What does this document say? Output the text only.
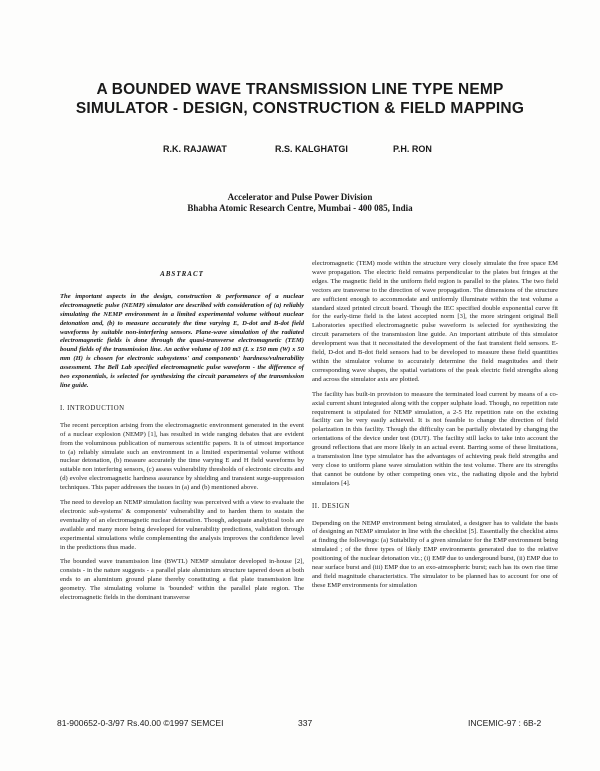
A BOUNDED WAVE TRANSMISSION LINE TYPE NEMP
SIMULATOR - DESIGN, CONSTRUCTION & FIELD MAPPING
R.K. RAJAWAT	R.S. KALGHATGI	P.H. RON
Accelerator and Pulse Power Division
Bhabha Atomic Research Centre, Mumbai - 400 085, India
ABSTRACT

The important aspects in the design, construction & performance of a nuclear electromagnetic pulse (NEMP) simulator are described with consideration of (a) reliably simulating the NEMP environment in a limited experimental volume without nuclear detonation and, (b) to measure accurately the time varying E, D-dot and B-dot field waveforms by suitable non-interfering sensors. Plane-wave simulation of the radiated electromagnetic fields is done through the quasi-transverse electromagnetic (TEM) bound fields of the transmission line. An active volume of 100 m3 (L x 150 mm (W) x 50 mm (H) is chosen for electronic subsystems' and components' hardness/vulnerability assessment. The Bell Lab specified electromagnetic pulse waveform - the difference of two exponentials, is selected for synthesizing the circuit parameters of the transmission line guide.

I. INTRODUCTION

The recent perception arising from the electromagnetic environment generated in the event of a nuclear explosion (NEMP) [1], has resulted in wide ranging debates that are evident from the voluminous publication of numerous scientific papers. It is of utmost importance to (a) reliably simulate such an environment in a limited experimental volume without nuclear detonation, (b) measure accurately the time varying E and H field waveforms by suitable non interfering sensors, (c) assess vulnerability thresholds of electronic circuits and (d) evolve electromagnetic hardness assurance by shielding and transient surge-suppression techniques. This paper addresses the issues in (a) and (b) mentioned above.

The need to develop an NEMP simulation facility was perceived with a view to evaluate the electronic sub-systems' & components' vulnerability and to harden them to sustain the eventuality of an electromagnetic nuclear detonation. Though, adequate analytical tools are available and many more being developed for vulnerability predictions, validation through experimental simulations while complementing the analysis improves the confidence level in the predictions thus made.

The bounded wave transmission line (BWTL) NEMP simulator developed in-house [2], consists - in the nature suggests - a parallel plate aluminium structure tapered down at both ends to an aluminium ground plane thereby constituting a flat plate transmission line geometry. The simulating volume is 'bounded' within the parallel plate region. The electromagnetic fields in the dominant transverse

electromagnetic (TEM) mode within the structure very closely simulate the free space EM wave propagation. The electric field remains perpendicular to the plates but fringes at the edges. The magnetic field in the uniform field region is parallel to the plates. The two field vectors are transverse to the direction of wave propagation. The dimensions of the structure are sufficient enough to accommodate and uniformly illuminate within the test volume a standard sized printed circuit board. Though the IEC specified double exponential curve fit for the early-time field is the latest accepted norm [3], the more stringent original Bell Laboratories specified electromagnetic pulse waveform is selected for synthesizing the circuit parameters of the transmission line guide. An important attribute of this simulator development was that it necessitated the development of the fast transient field sensors. E-field, D-dot and B-dot field sensors had to be developed to measure these field quantities within the simulator volume to accurately determine the field magnitudes and their corresponding wave shapes, the spatial variations of the peak electric field strengths along and across the simulator axis are plotted.

The facility has built-in provision to measure the terminated load current by means of a co-axial current shunt integrated along with the copper sulphate load. Though, no repetition rate requirement is stipulated for NEMP simulation, a 2-5 Hz repetition rate on the existing facility can be very easily achieved. It is not feasible to change the direction of field polarization in this facility. Though the difficulty can be partially obviated by changing the orientations of the device under test (DUT). The facility still lacks to take into account the ground reflections that are more likely in an actual event. Barring some of these limitations, a transmission line type simulator has the advantages of achieving peak field strengths and very close to uniform plane wave simulation within the test volume. There are its strengths that cannot be outdone by other competing ones viz., the radiating dipole and the hybrid simulators [4].

II. DESIGN

Depending on the NEMP environment being simulated, a designer has to validate the basis of designing an NEMP simulator in line with the checklist [5]. Essentially the checklist aims at finding the followings: (a) Suitability of a given simulator for the EMP environment being simulated ; of the three types of likely EMP environments generated due to the relative positioning of the nuclear detonation viz.; (i) EMP due to underground burst, (ii) EMP due to near surface burst and (iii) EMP due to an exo-atmospheric burst; each has its own rise time and field magnitude characteristics. The simulator to be planned has to account for one of these EMP environments for simulation

81-900652-0-3/97 Rs.40.00 ©1997 SEMCEI	337	INCEMIC-97 : 6B-2
